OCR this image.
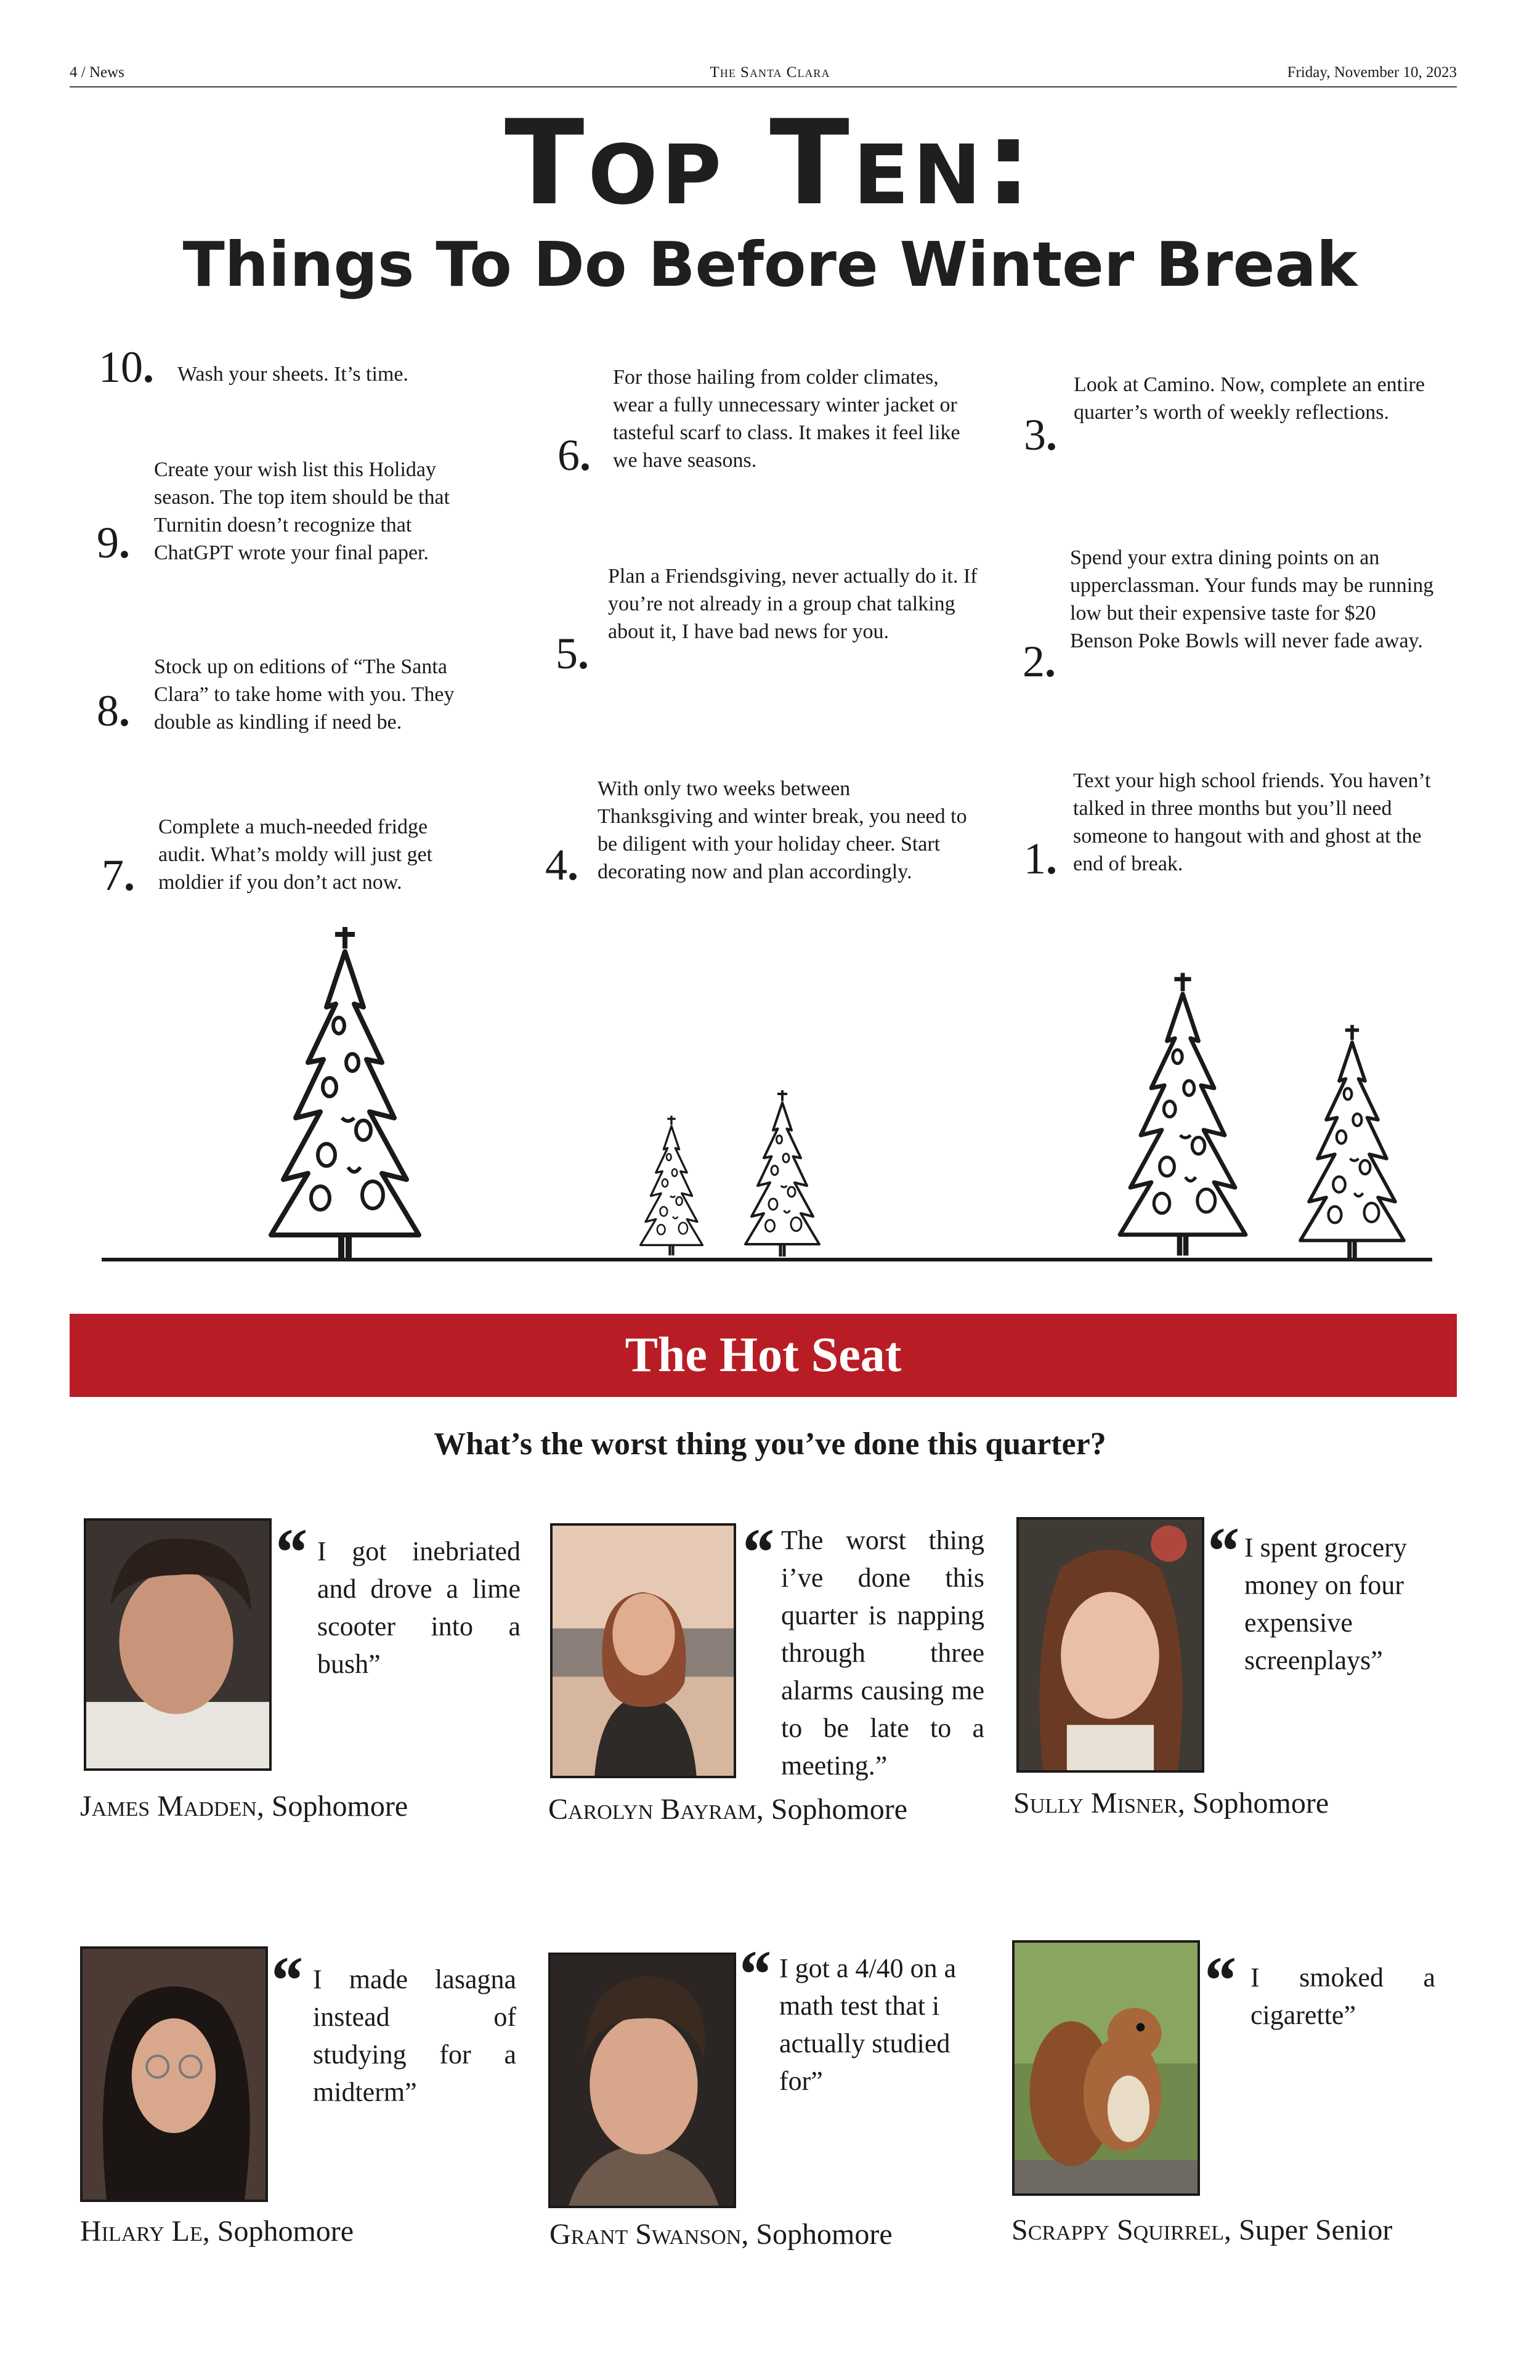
4 / News	The Santa Clara	Friday, November 10, 2023
Top Ten:
Things To Do Before Winter Break
10. Wash your sheets. It’s time.
9.
Create your wish list this Holiday season. The top item should be that Turnitin doesn’t recognize that ChatGPT wrote your final paper.
8.
Stock up on editions of “The Santa Clara” to take home with you. They double as kindling if need be.
7.
Complete a much-needed fridge audit. What’s moldy will just get moldier if you don’t act now.
6.
For those hailing from colder climates, wear a fully unnecessary winter jacket or tasteful scarf to class. It makes it feel like we have seasons.
5.
Plan a Friendsgiving, never actually do it. If you’re not already in a group chat talking about it, I have bad news for you.
4.
With only two weeks between Thanksgiving and winter break, you need to be diligent with your holiday cheer. Start decorating now and plan accordingly.
3.
Look at Camino. Now, complete an entire quarter’s worth of weekly reflections.
2.
Spend your extra dining points on an upperclassman. Your funds may be running low but their expensive taste for $20 Benson Poke Bowls will never fade away.
1.
Text your high school friends. You haven’t talked in three months but you’ll need someone to hangout with and ghost at the end of break.
The Hot Seat
What’s the worst thing you’ve done this quarter?
“ I got inebriated and drove a lime scooter into a bush”
James Madden, Sophomore
“ The worst thing i’ve done this quarter is napping through three alarms causing me to be late to a meeting.”
Carolyn Bayram, Sophomore
“ I spent grocery money on four expensive screenplays”
Sully Misner, Sophomore
“ I made lasagna instead of studying for a midterm”
Hilary Le, Sophomore
“ I got a 4/40 on a math test that i actually studied for”
Grant Swanson, Sophomore
“ I smoked a cigarette”
Scrappy Squirrel, Super Senior
